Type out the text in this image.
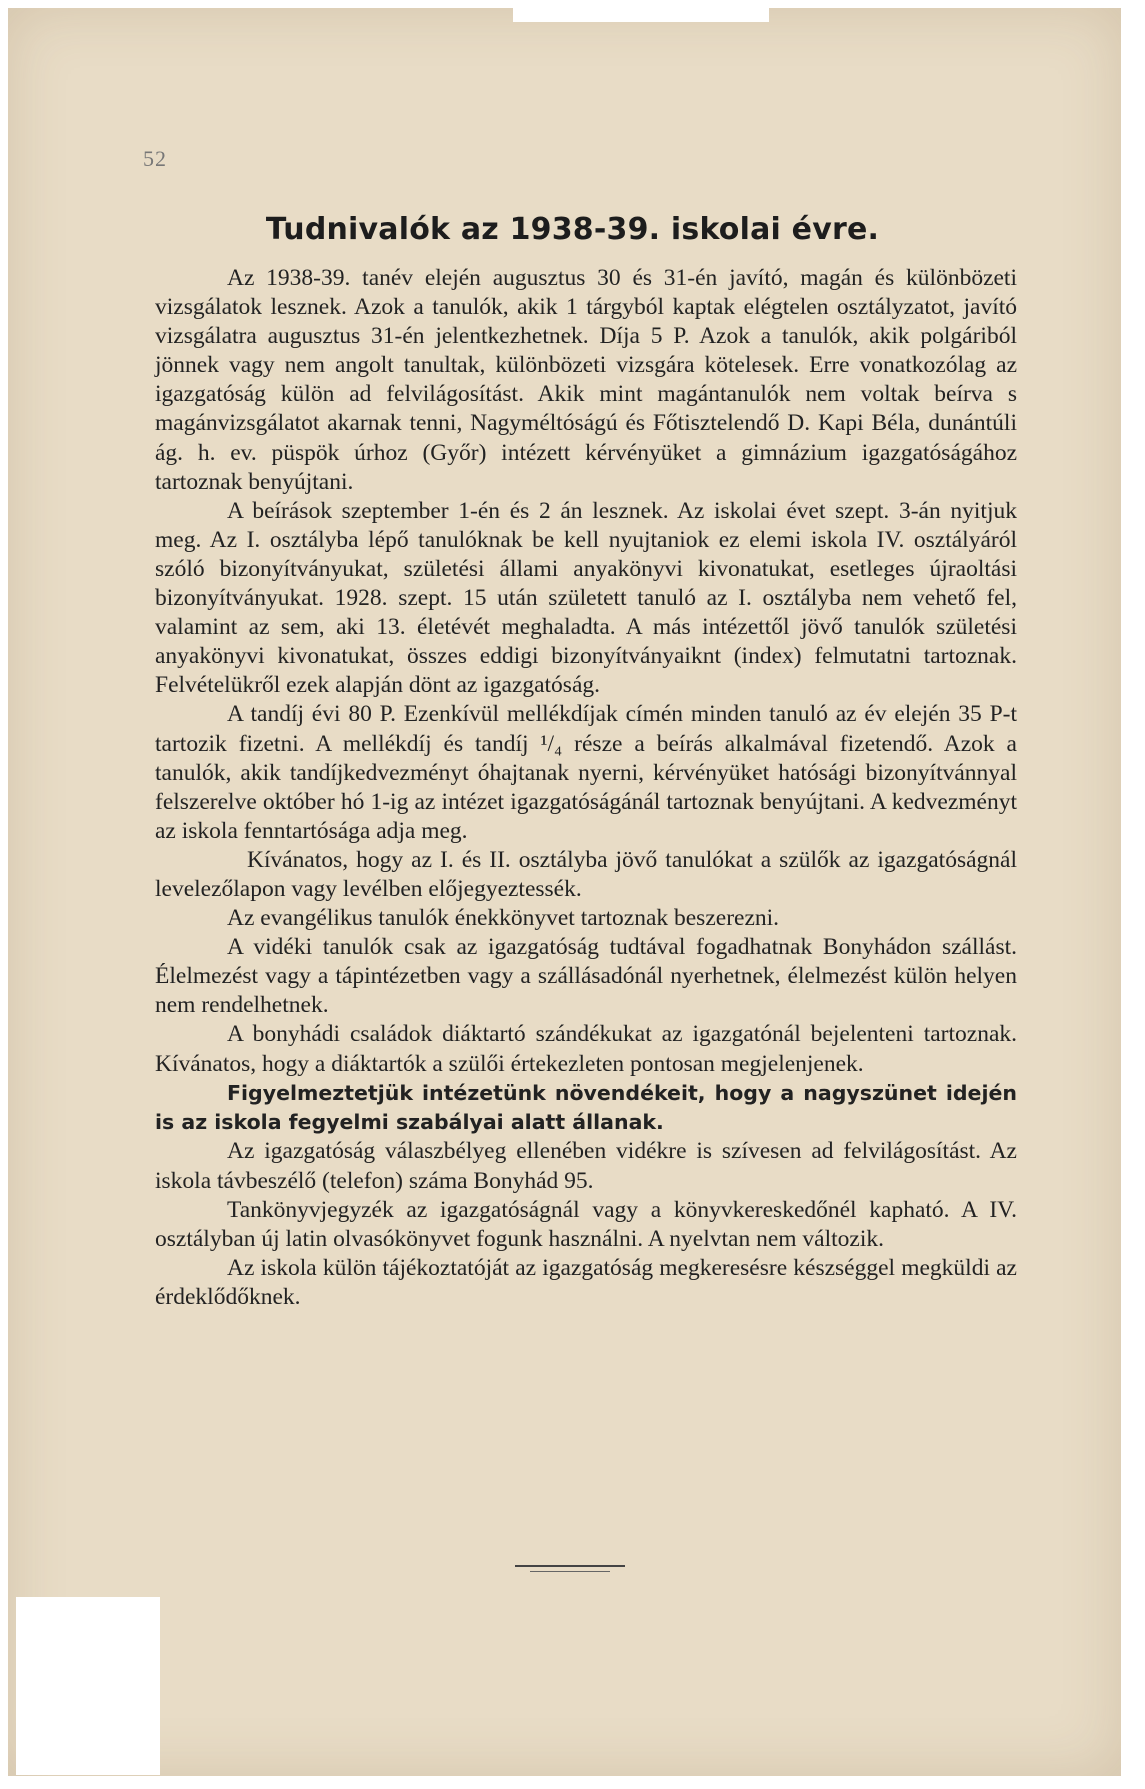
52
Tudnivalók az 1938-39. iskolai évre.

Az 1938-39. tanév elején augusztus 30 és 31-én javító, magán és különbözeti vizsgálatok lesznek. Azok a tanulók, akik 1 tárgyból kaptak elégtelen osztályzatot, javító vizsgálatra augusztus 31-én jelentkezhetnek. Díja 5 P. Azok a tanulók, akik polgáriból jönnek vagy nem angolt tanultak, különbözeti vizsgára kötelesek. Erre vonatkozólag az igazgatóság külön ad felvilágosítást. Akik mint magántanulók nem voltak beírva s magánvizsgálatot akarnak tenni, Nagyméltóságú és Főtisztelendő D. Kapi Béla, dunántúli ág. h. ev. püspök úrhoz (Győr) intézett kérvényüket a gimnázium igazgatóságához tartoznak benyújtani.

A beírások szeptember 1-én és 2 án lesznek. Az iskolai évet szept. 3-án nyitjuk meg. Az I. osztályba lépő tanulóknak be kell nyujtaniok ez elemi iskola IV. osztályáról szóló bizonyítványukat, születési állami anyakönyvi kivonatukat, esetleges újraoltási bizonyítványukat. 1928. szept. 15 után született tanuló az I. osztályba nem vehető fel, valamint az sem, aki 13. életévét meghaladta. A más intézettől jövő tanulók születési anyakönyvi kivonatukat, összes eddigi bizonyítványaiknt (index) felmutatni tartoznak. Felvételükről ezek alapján dönt az igazgatóság.

A tandíj évi 80 P. Ezenkívül mellékdíjak címén minden tanuló az év elején 35 P-t tartozik fizetni. A mellékdíj és tandíj ¹/₄ része a beírás alkalmával fizetendő. Azok a tanulók, akik tandíjkedvezményt óhajtanak nyerni, kérvényüket hatósági bizonyítvánnyal felszerelve október hó 1-ig az intézet igazgatóságánál tartoznak benyújtani. A kedvezményt az iskola fenntartósága adja meg.

Kívánatos, hogy az I. és II. osztályba jövő tanulókat a szülők az igazgatóságnál levelezőlapon vagy levélben előjegyeztessék.

Az evangélikus tanulók énekkönyvet tartoznak beszerezni.

A vidéki tanulók csak az igazgatóság tudtával fogadhatnak Bonyhádon szállást. Élelmezést vagy a tápintézetben vagy a szállásadónál nyerhetnek, élelmezést külön helyen nem rendelhetnek.

A bonyhádi családok diáktartó szándékukat az igazgatónál bejelenteni tartoznak. Kívánatos, hogy a diáktartók a szülői értekezleten pontosan megjelenjenek.

Figyelmeztetjük intézetünk növendékeit, hogy a nagyszünet idején is az iskola fegyelmi szabályai alatt állanak.

Az igazgatóság válaszbélyeg ellenében vidékre is szívesen ad felvilágosítást. Az iskola távbeszélő (telefon) száma Bonyhád 95.

Tankönyvjegyzék az igazgatóságnál vagy a könyvkereskedőnél kapható. A IV. osztályban új latin olvasókönyvet fogunk használni. A nyelvtan nem változik.

Az iskola külön tájékoztatóját az igazgatóság megkeresésre készséggel megküldi az érdeklődőknek.
